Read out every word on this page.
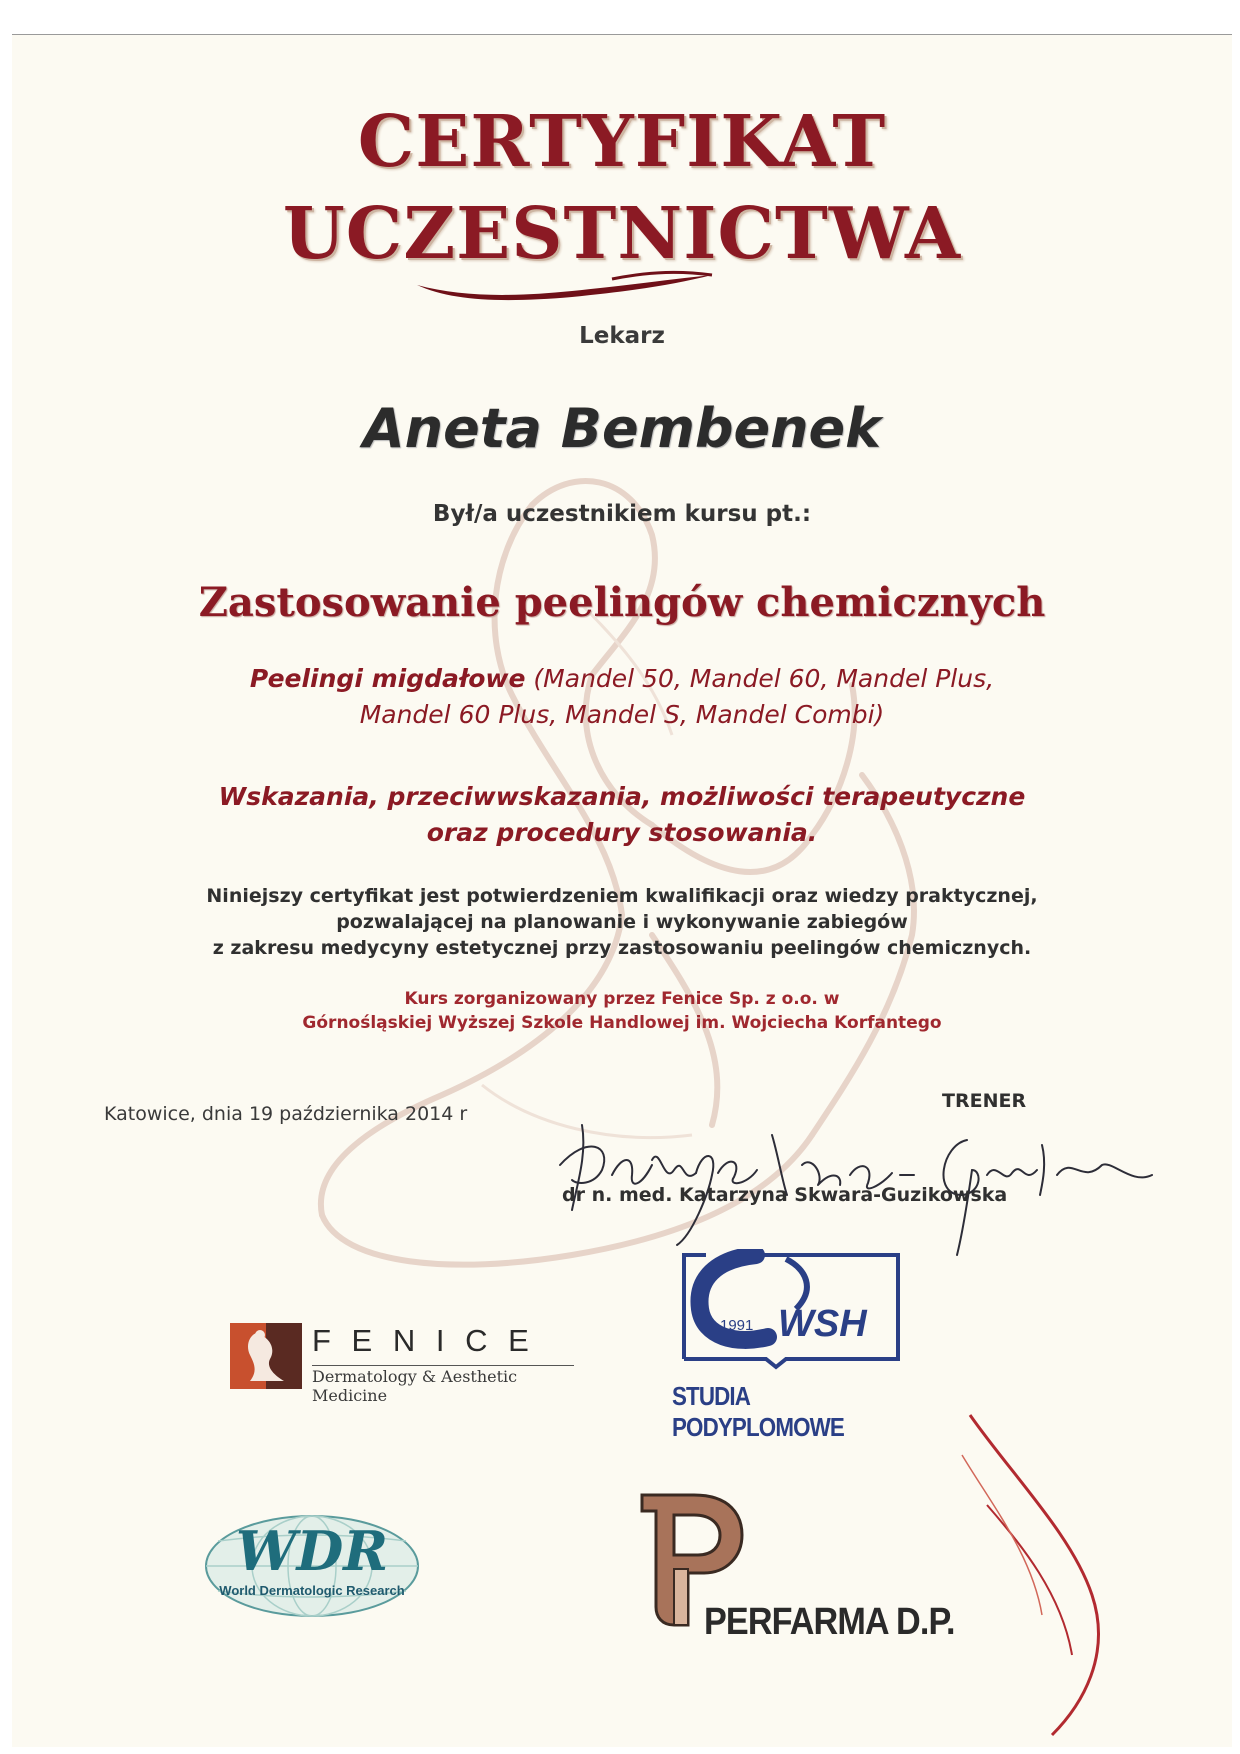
CERTYFIKAT
UCZESTNICTWA
Lekarz
Aneta Bembenek
Był/a uczestnikiem kursu pt.:
Zastosowanie peelingów chemicznych
Peelingi migdałowe (Mandel 50, Mandel 60, Mandel Plus,
Mandel 60 Plus, Mandel S, Mandel Combi)
Wskazania, przeciwwskazania, możliwości terapeutyczne
oraz procedury stosowania.
Niniejszy certyfikat jest potwierdzeniem kwalifikacji oraz wiedzy praktycznej,
pozwalającej na planowanie i wykonywanie zabiegów
z zakresu medycyny estetycznej przy zastosowaniu peelingów chemicznych.
Kurs zorganizowany przez Fenice Sp. z o.o. w
Górnośląskiej Wyższej Szkole Handlowej im. Wojciecha Korfantego
Katowice, dnia 19 października 2014 r
TRENER
dr n. med. Katarzyna Skwara-Guzikowska
F E N I C E
Dermatology & Aesthetic Medicine
1991 WSH
STUDIA PODYPLOMOWE
WDR
World Dermatologic Research
PERFARMA D.P.
